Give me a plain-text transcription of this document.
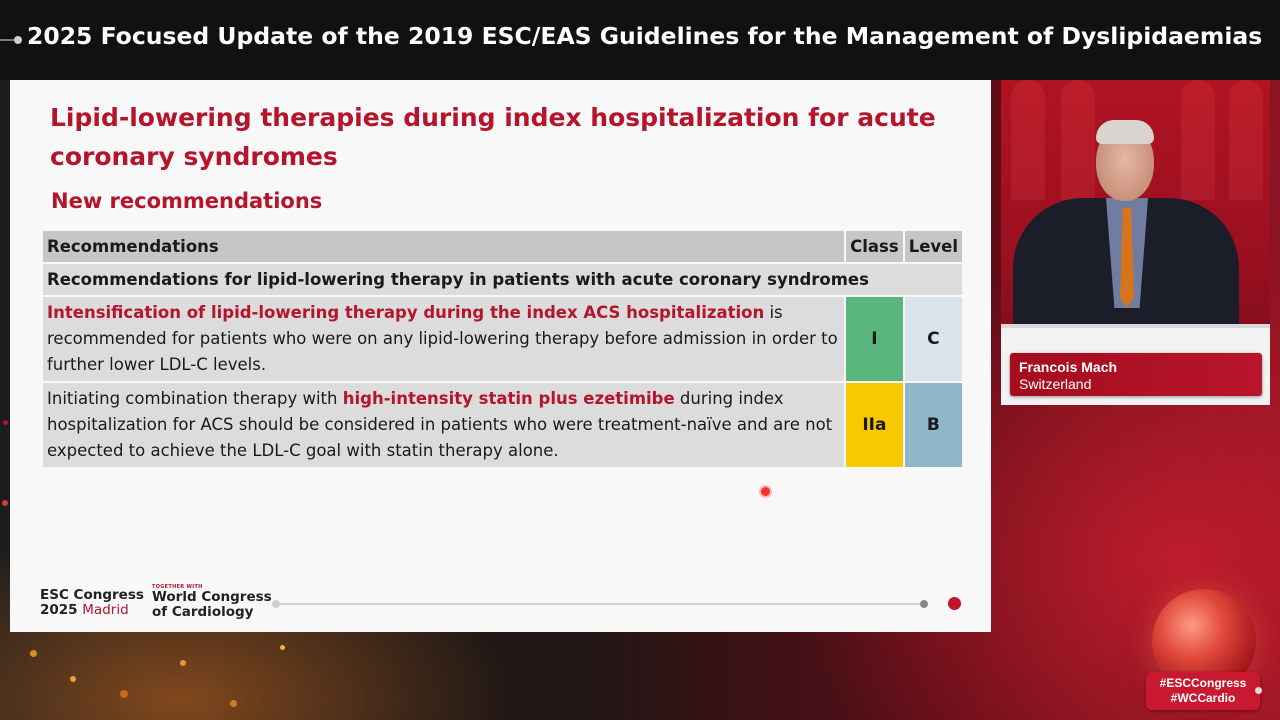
2025 Focused Update of the 2019 ESC/EAS Guidelines for the Management of Dyslipidaemias
Lipid-lowering therapies during index hospitalization for acute coronary syndromes
New recommendations
Recommendations	Class	Level
Recommendations for lipid-lowering therapy in patients with acute coronary syndromes		
Intensification of lipid-lowering therapy during the index ACS hospitalization is recommended for patients who were on any lipid-lowering therapy before admission in order to further lower LDL-C levels.	I	C
Initiating combination therapy with high-intensity statin plus ezetimibe during index hospitalization for ACS should be considered in patients who were treatment-naïve and are not expected to achieve the LDL-C goal with statin therapy alone.	IIa	B
ESC Congress
2025 Madrid
TOGETHER WITH
World Congress
of Cardiology
Francois Mach
Switzerland
#ESCCongress
#WCCardio
